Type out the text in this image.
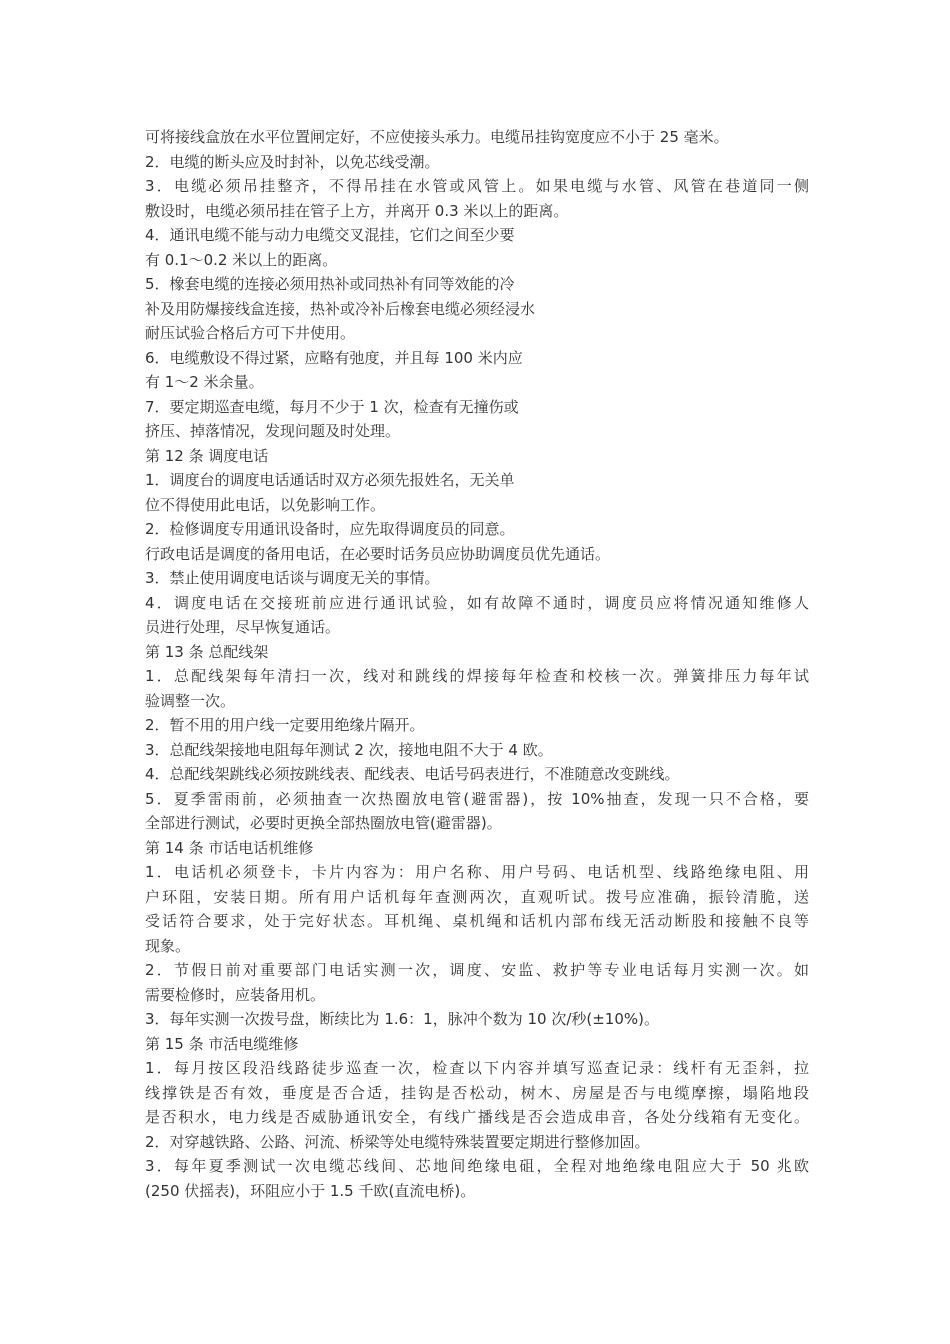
可将接线盒放在水平位置闸定好，不应使接头承力。电缆吊挂钩宽度应不小于 25 毫米。
2．电缆的断头应及时封补，以免芯线受潮。
3．电缆必须吊挂整齐，不得吊挂在水管或风管上。如果电缆与水管、风管在巷道同一侧
敷设时，电缆必须吊挂在管子上方，并离开 0.3 米以上的距离。
4．通讯电缆不能与动力电缆交叉混挂，它们之间至少要
有 0.1～0.2 米以上的距离。
5．橡套电缆的连接必须用热补或同热补有同等效能的冷
补及用防爆接线盒连接，热补或冷补后橡套电缆必须经浸水
耐压试验合格后方可下井使用。
6．电缆敷设不得过紧，应略有弛度，并且每 100 米内应
有 1～2 米余量。
7．要定期巡查电缆，每月不少于 1 次，检查有无撞伤或
挤压、掉落情况，发现问题及时处理。
第 12 条 调度电话
1．调度台的调度电话通话时双方必须先报姓名，无关单
位不得使用此电话，以免影响工作。
2．检修调度专用通讯设备时，应先取得调度员的同意。
行政电话是调度的备用电话，在必要时话务员应协助调度员优先通话。
3．禁止使用调度电话谈与调度无关的事情。
4．调度电话在交接班前应进行通讯试验，如有故障不通时，调度员应将情况通知维修人
员进行处理，尽早恢复通话。
第 13 条 总配线架
1．总配线架每年清扫一次，线对和跳线的焊接每年检查和校核一次。弹簧排压力每年试
验调整一次。
2．暂不用的用户线一定要用绝缘片隔开。
3．总配线架接地电阻每年测试 2 次，接地电阻不大于 4 欧。
4．总配线架跳线必须按跳线表、配线表、电话号码表进行，不准随意改变跳线。
5．夏季雷雨前，必须抽查一次热圈放电管(避雷器)，按 10%抽查，发现一只不合格，要
全部进行测试，必要时更换全部热圈放电管(避雷器)。
第 14 条 市话电话机维修
1．电话机必须登卡，卡片内容为：用户名称、用户号码、电话机型、线路绝缘电阻、用
户环阻，安装日期。所有用户话机每年查测两次，直观听试。拨号应准确，振铃清脆，送
受话符合要求，处于完好状态。耳机绳、桌机绳和话机内部布线无活动断股和接触不良等
现象。
2．节假日前对重要部门电话实测一次，调度、安监、救护等专业电话每月实测一次。如
需要检修时，应装备用机。
3．每年实测一次拨号盘，断续比为 1.6：1，脉冲个数为 10 次/秒(±10%)。
第 15 条 市活电缆维修
1．每月按区段沿线路徒步巡查一次，检查以下内容并填写巡查记录：线杆有无歪斜，拉
线撑铁是否有效，垂度是否合适，挂钩是否松动，树木、房屋是否与电缆摩擦，塌陷地段
是否积水，电力线是否威胁通讯安全，有线广播线是否会造成串音，各处分线箱有无变化。
2．对穿越铁路、公路、河流、桥梁等处电缆特殊装置要定期进行整修加固。
3．每年夏季测试一次电缆芯线间、芯地间绝缘电砠，全程对地绝缘电阻应大于 50 兆欧
(250 伏摇表)，环阻应小于 1.5 千欧(直流电桥)。
